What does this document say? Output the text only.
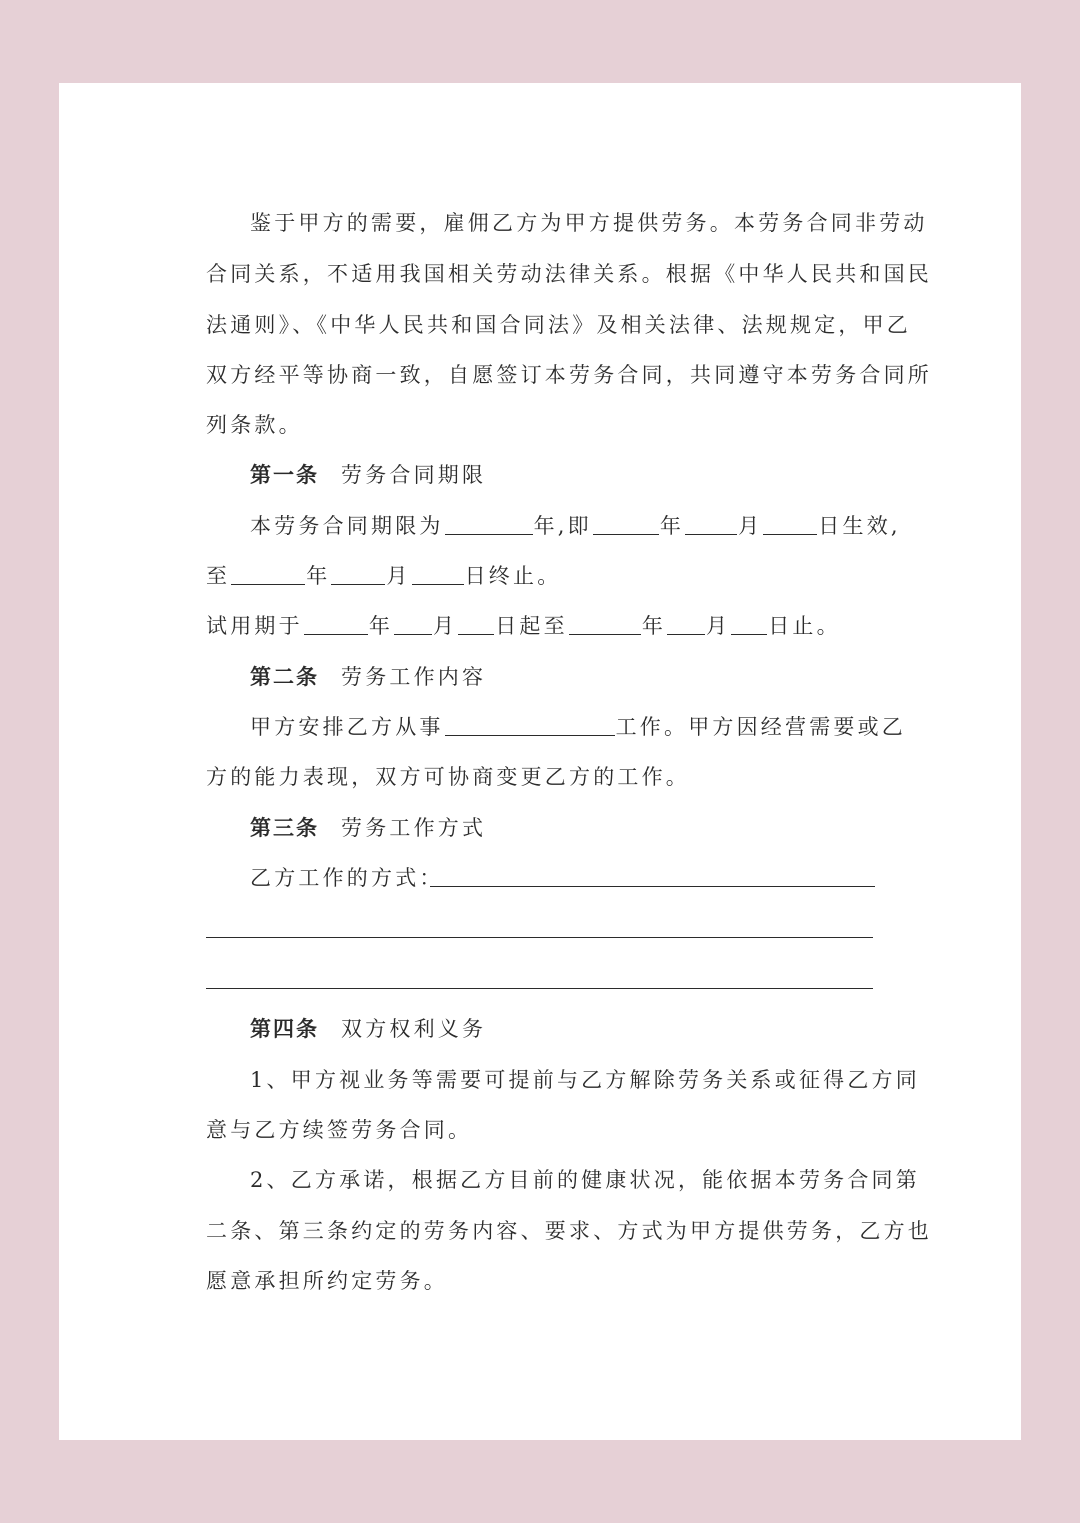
鉴于甲方的需要，雇佣乙方为甲方提供劳务。本劳务合同非劳动
合同关系，不适用我国相关劳动法律关系。根据《中华人民共和国民
法通则》、《中华人民共和国合同法》及相关法律、法规规定，甲乙
双方经平等协商一致，自愿签订本劳务合同，共同遵守本劳务合同所
列条款。
第一条 劳务合同期限
本劳务合同期限为	年,即	年	月	日生效,
至	年	月	日终止。
试用期于	年 月 日起至	年 月 日止。
第二条 劳务工作内容
甲方安排乙方从事	工作。甲方因经营需要或乙
方的能力表现，双方可协商变更乙方的工作。
第三条 劳务工作方式
乙方工作的方式：
第四条 双方权利义务
1、甲方视业务等需要可提前与乙方解除劳务关系或征得乙方同
意与乙方续签劳务合同。
2、乙方承诺，根据乙方目前的健康状况，能依据本劳务合同第
二条、第三条约定的劳务内容、要求、方式为甲方提供劳务，乙方也
愿意承担所约定劳务。
